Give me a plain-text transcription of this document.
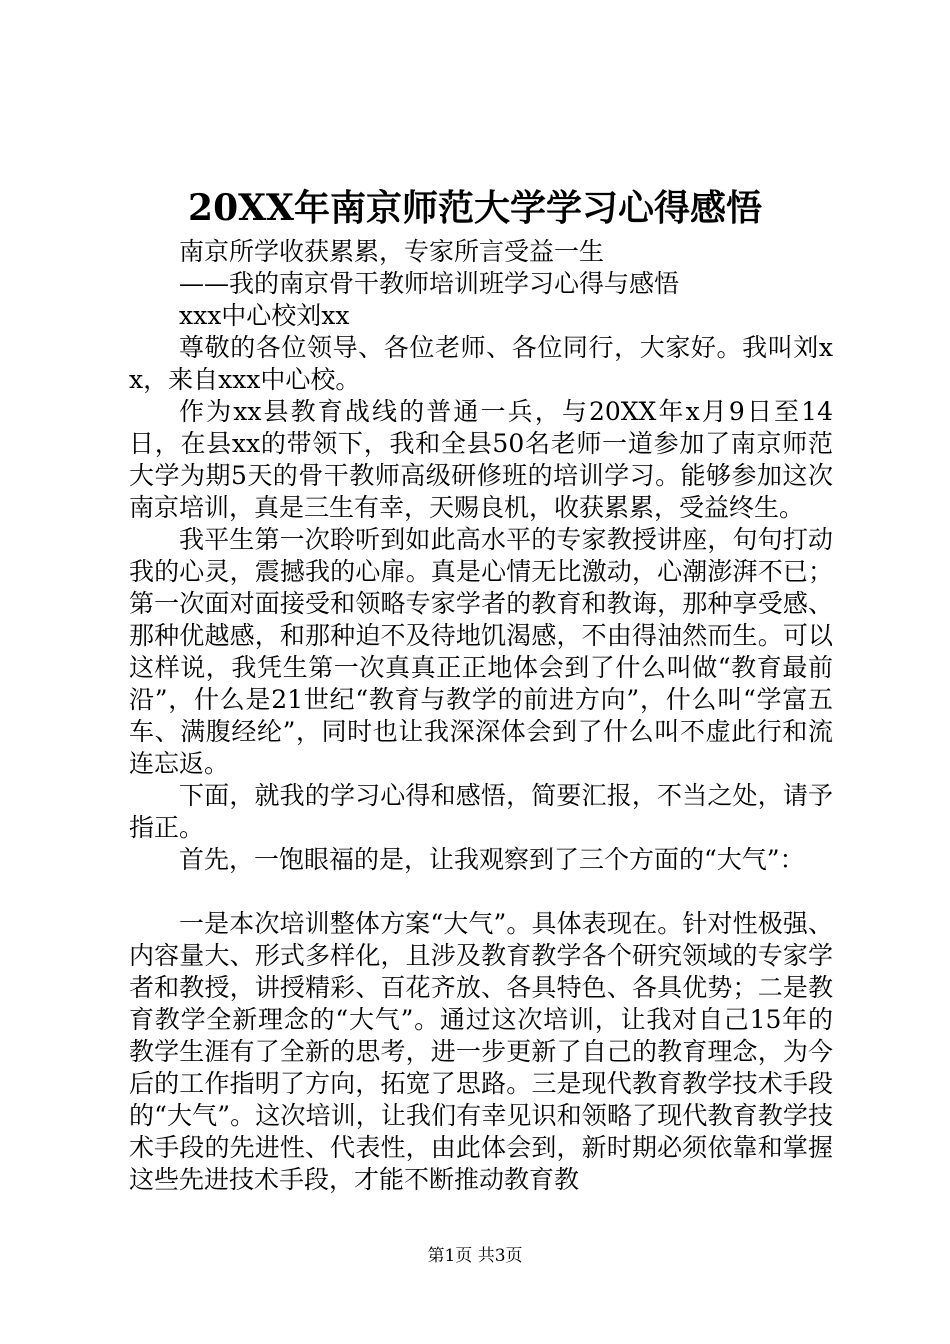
20XX年南京师范大学学习心得感悟

南京所学收获累累，专家所言受益一生

——我的南京骨干教师培训班学习心得与感悟

xxx中心校刘xx

尊敬的各位领导、各位老师、各位同行，大家好。我叫刘xx，来自xxx中心校。

作为xx县教育战线的普通一兵，与20XX年x月9日至14日，在县xx的带领下，我和全县50名老师一道参加了南京师范大学为期5天的骨干教师高级研修班的培训学习。能够参加这次南京培训，真是三生有幸，天赐良机，收获累累，受益终生。

我平生第一次聆听到如此高水平的专家教授讲座，句句打动我的心灵，震撼我的心扉。真是心情无比激动，心潮澎湃不已；第一次面对面接受和领略专家学者的教育和教诲，那种享受感、那种优越感，和那种迫不及待地饥渴感，不由得油然而生。可以这样说，我凭生第一次真真正正地体会到了什么叫做“教育最前沿”，什么是21世纪“教育与教学的前进方向”，什么叫“学富五车、满腹经纶”，同时也让我深深体会到了什么叫不虚此行和流连忘返。

下面，就我的学习心得和感悟，简要汇报，不当之处，请予指正。

首先，一饱眼福的是，让我观察到了三个方面的“大气”：

一是本次培训整体方案“大气”。具体表现在。针对性极强、内容量大、形式多样化，且涉及教育教学各个研究领域的专家学者和教授，讲授精彩、百花齐放、各具特色、各具优势；二是教育教学全新理念的“大气”。通过这次培训，让我对自己15年的教学生涯有了全新的思考，进一步更新了自己的教育理念，为今后的工作指明了方向，拓宽了思路。三是现代教育教学技术手段的“大气”。这次培训，让我们有幸见识和领略了现代教育教学技术手段的先进性、代表性，由此体会到，新时期必须依靠和掌握这些先进技术手段，才能不断推动教育教

第1页 共3页
